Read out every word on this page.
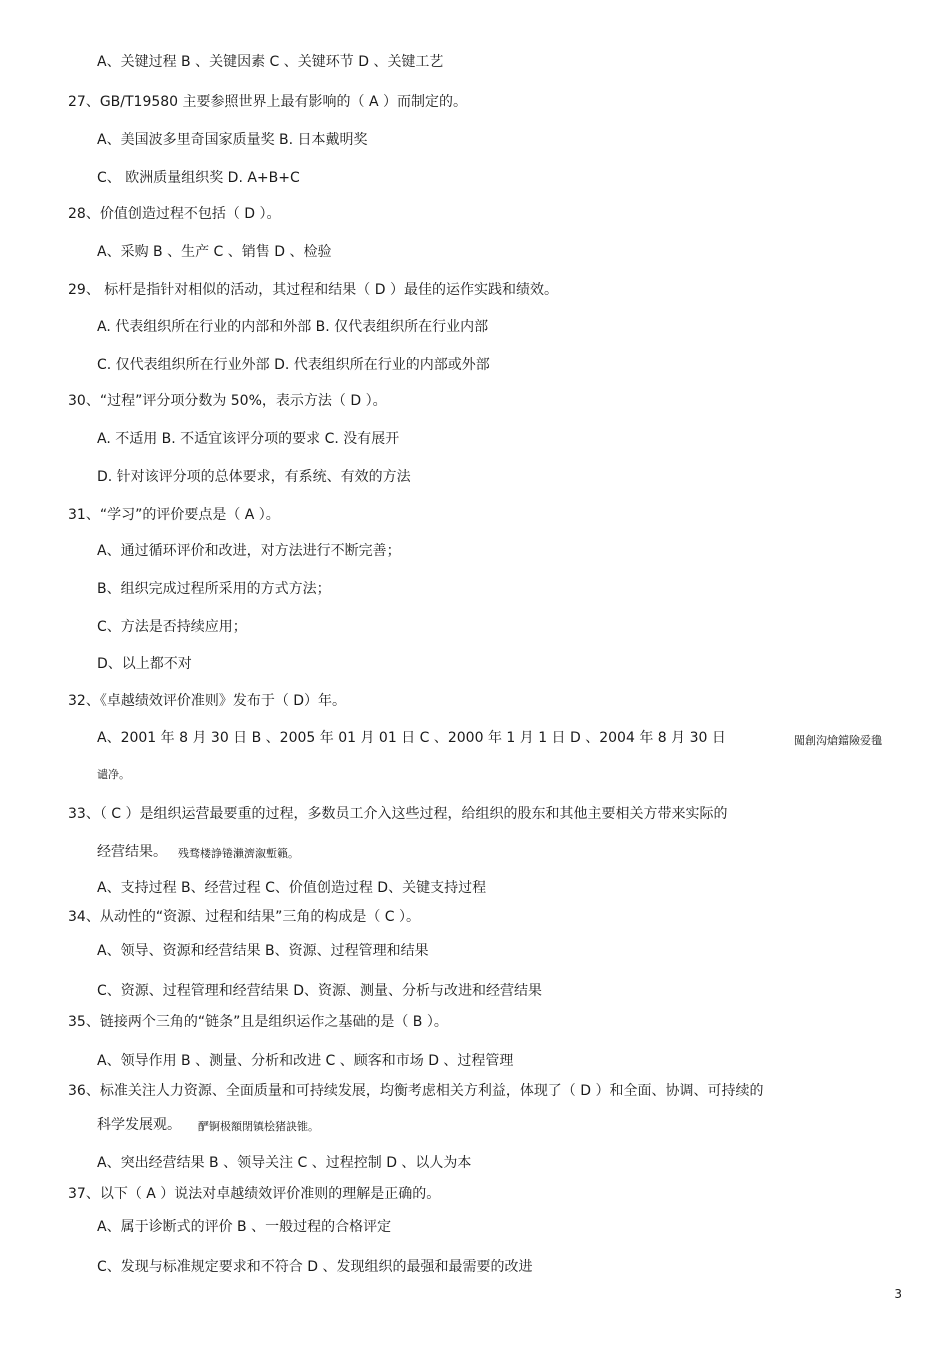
A、关键过程 B 、关键因素 C 、关键环节 D 、关键工艺
27、GB/T19580 主要参照世界上最有影响的（ A ）而制定的。
A、美国波多里奇国家质量奖 B. 日本戴明奖
C、 欧洲质量组织奖 D. A+B+C
28、价值创造过程不包括（ D ）。
A、采购 B 、生产 C 、销售 D 、检验
29、 标杆是指针对相似的活动，其过程和结果（ D ）最佳的运作实践和绩效。
A. 代表组织所在行业的内部和外部 B. 仅代表组织所在行业内部
C. 仅代表组织所在行业外部 D. 代表组织所在行业的内部或外部
30、“过程”评分项分数为 50%，表示方法（ D ）。
A. 不适用 B. 不适宜该评分项的要求 C. 没有展开
D. 针对该评分项的总体要求，有系统、有效的方法
31、“学习”的评价要点是（ A ）。
A、通过循环评价和改进，对方法进行不断完善；
B、组织完成过程所采用的方式方法；
C、方法是否持续应用；
D、以上都不对
32、《卓越绩效评价准则》发布于（ D）年。
A、2001 年 8 月 30 日 B 、2005 年 01 月 01 日 C 、2000 年 1 月 1 日 D 、2004 年 8 月 30 日	闖創沟熗鐺險爱氇
谴净。
33、（ C ）是组织运营最要重的过程，多数员工介入这些过程，给组织的股东和其他主要相关方带来实际的
经营结果。 残骛楼諍锩瀨濟溆塹籟。
A、支持过程 B、经营过程 C、价值创造过程 D、关键支持过程
34、从动性的“资源、过程和结果”三角的构成是（ C ）。
A、领导、资源和经营结果 B、资源、过程管理和结果
C、资源、过程管理和经营结果 D、资源、测量、分析与改进和经营结果
35、链接两个三角的“链条”且是组织运作之基础的是（ B ）。
A、领导作用 B 、测量、分析和改进 C 、顾客和市场 D 、过程管理
36、标准关注人力资源、全面质量和可持续发展，均衡考虑相关方利益，体现了（ D ）和全面、协调、可持续的
科学发展观。 酽锕极額閉镇桧猪訣锥。
A、突出经营结果 B 、领导关注 C 、过程控制 D 、以人为本
37、以下（ A ）说法对卓越绩效评价准则的理解是正确的。
A、属于诊断式的评价 B 、一般过程的合格评定
C、发现与标准规定要求和不符合 D 、发现组织的最强和最需要的改进
3
